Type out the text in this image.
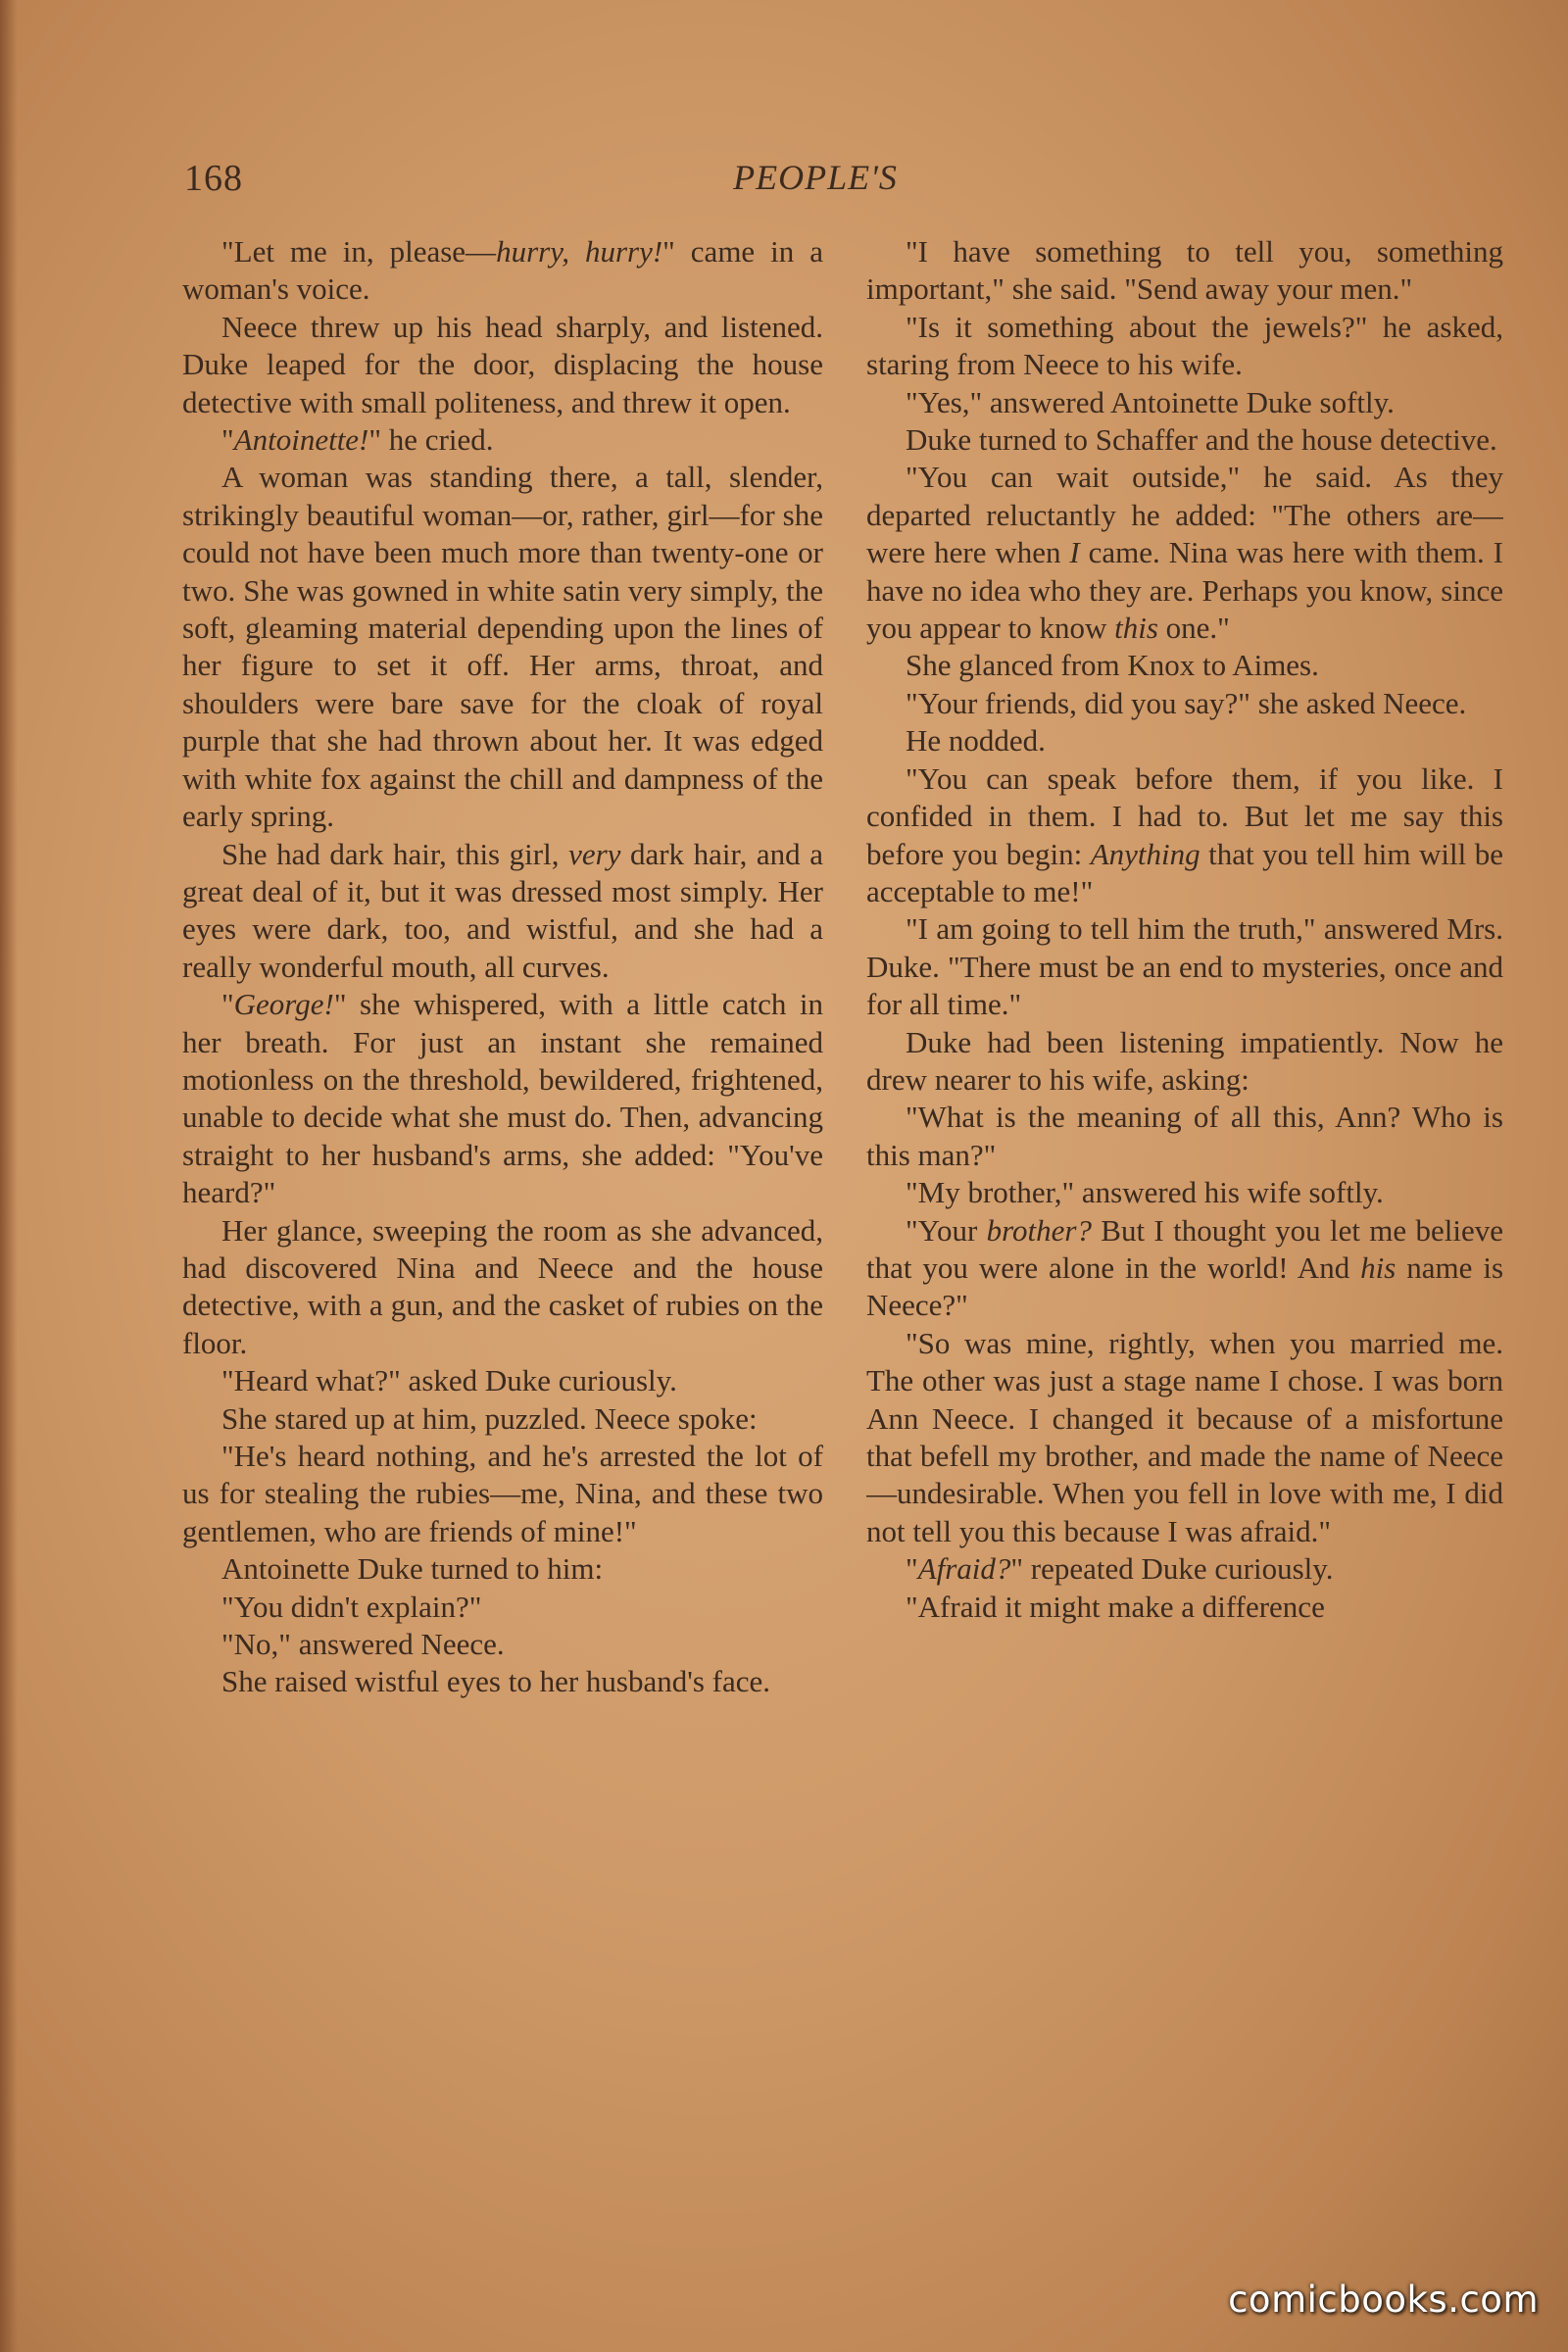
168	PEOPLE'S

"Let me in, please—hurry, hurry!" came in a woman's voice.

Neece threw up his head sharply, and listened. Duke leaped for the door, displacing the house detective with small politeness, and threw it open.

"Antoinette!" he cried.

A woman was standing there, a tall, slender, strikingly beautiful woman—or, rather, girl—for she could not have been much more than twenty-one or two. She was gowned in white satin very simply, the soft, gleaming material depending upon the lines of her figure to set it off. Her arms, throat, and shoulders were bare save for the cloak of royal purple that she had thrown about her. It was edged with white fox against the chill and dampness of the early spring.

She had dark hair, this girl, very dark hair, and a great deal of it, but it was dressed most simply. Her eyes were dark, too, and wistful, and she had a really wonderful mouth, all curves.

"George!" she whispered, with a little catch in her breath. For just an instant she remained motionless on the threshold, bewildered, frightened, unable to decide what she must do. Then, advancing straight to her husband's arms, she added: "You've heard?"

Her glance, sweeping the room as she advanced, had discovered Nina and Neece and the house detective, with a gun, and the casket of rubies on the floor.

"Heard what?" asked Duke curiously.

She stared up at him, puzzled. Neece spoke:

"He's heard nothing, and he's arrested the lot of us for stealing the rubies—me, Nina, and these two gentlemen, who are friends of mine!"

Antoinette Duke turned to him:

"You didn't explain?"

"No," answered Neece.

She raised wistful eyes to her husband's face.

"I have something to tell you, something important," she said. "Send away your men."

"Is it something about the jewels?" he asked, staring from Neece to his wife.

"Yes," answered Antoinette Duke softly.

Duke turned to Schaffer and the house detective.

"You can wait outside," he said. As they departed reluctantly he added: "The others are—were here when I came. Nina was here with them. I have no idea who they are. Perhaps you know, since you appear to know this one."

She glanced from Knox to Aimes.

"Your friends, did you say?" she asked Neece.

He nodded.

"You can speak before them, if you like. I confided in them. I had to. But let me say this before you begin: Anything that you tell him will be acceptable to me!"

"I am going to tell him the truth," answered Mrs. Duke. "There must be an end to mysteries, once and for all time."

Duke had been listening impatiently. Now he drew nearer to his wife, asking:

"What is the meaning of all this, Ann? Who is this man?"

"My brother," answered his wife softly.

"Your brother? But I thought you let me believe that you were alone in the world! And his name is Neece?"

"So was mine, rightly, when you married me. The other was just a stage name I chose. I was born Ann Neece. I changed it because of a misfortune that befell my brother, and made the name of Neece—undesirable. When you fell in love with me, I did not tell you this because I was afraid."

"Afraid?" repeated Duke curiously.

"Afraid it might make a difference

comicbooks.com
